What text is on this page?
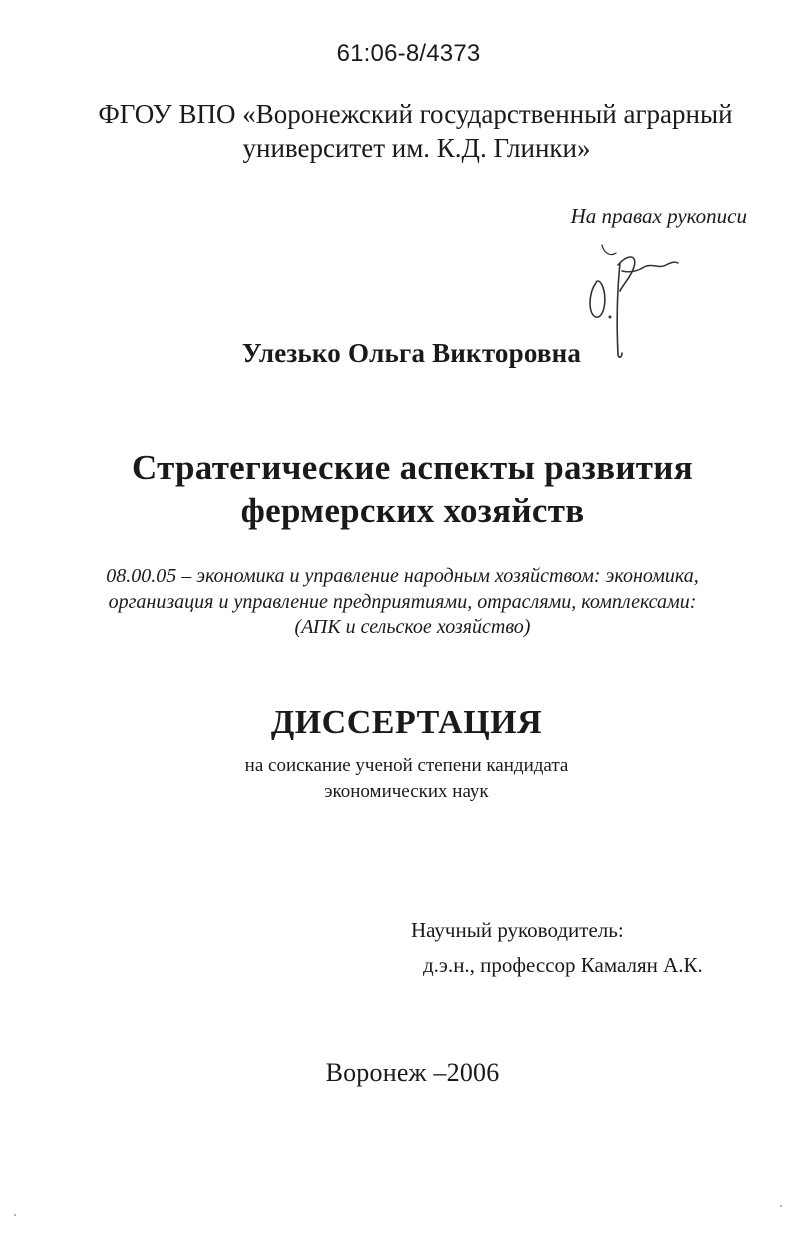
61:06-8/4373
ФГОУ ВПО «Воронежский государственный аграрный
университет им. К.Д. Глинки»
На правах рукописи
Улезько Ольга Викторовна
Стратегические аспекты развития
фермерских хозяйств
08.00.05 – экономика и управление народным хозяйством: экономика,
организация и управление предприятиями, отраслями, комплексами:
(АПК и сельское хозяйство)
ДИССЕРТАЦИЯ
на соискание ученой степени кандидата
экономических наук
Научный руководитель:
д.э.н., профессор Камалян А.К.
Воронеж –2006
